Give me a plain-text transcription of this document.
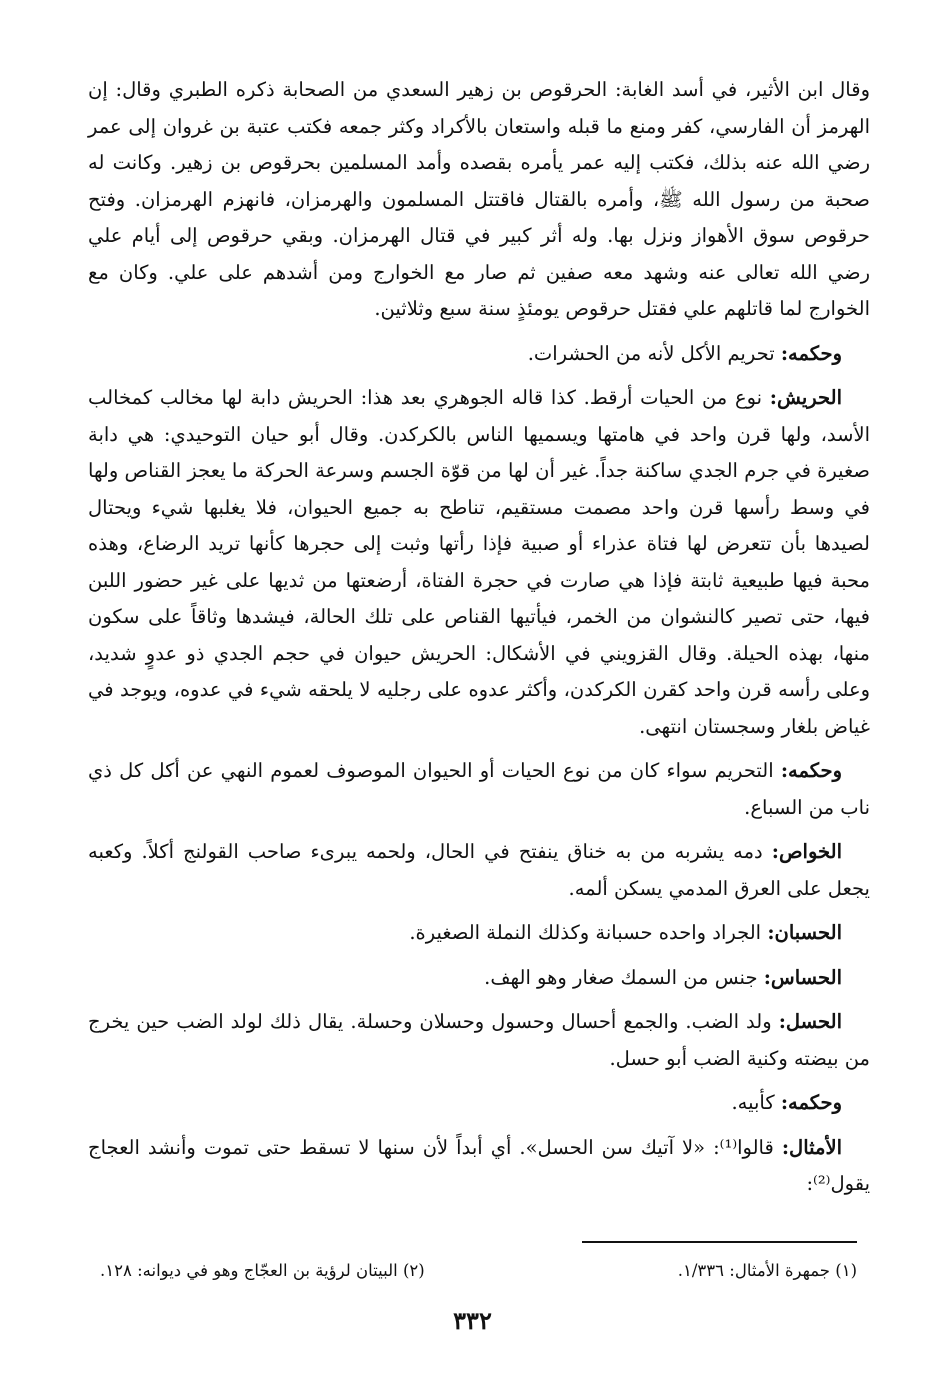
وقال ابن الأثير، في أسد الغابة: الحرقوص بن زهير السعدي من الصحابة ذكره الطبري وقال: إن الهرمز أن الفارسي، كفر ومنع ما قبله واستعان بالأكراد وكثر جمعه فكتب عتبة بن غروان إلى عمر رضي الله عنه بذلك، فكتب إليه عمر يأمره بقصده وأمد المسلمين بحرقوص بن زهير. وكانت له صحبة من رسول الله ﷺ، وأمره بالقتال فاقتتل المسلمون والهرمزان، فانهزم الهرمزان. وفتح حرقوص سوق الأهواز ونزل بها. وله أثر كبير في قتال الهرمزان. وبقي حرقوص إلى أيام علي رضي الله تعالى عنه وشهد معه صفين ثم صار مع الخوارج ومن أشدهم على علي. وكان مع الخوارج لما قاتلهم علي فقتل حرقوص يومئذٍ سنة سبع وثلاثين.

وحكمه: تحريم الأكل لأنه من الحشرات.

الحريش: نوع من الحيات أرقط. كذا قاله الجوهري بعد هذا: الحريش دابة لها مخالب كمخالب الأسد، ولها قرن واحد في هامتها ويسميها الناس بالكركدن. وقال أبو حيان التوحيدي: هي دابة صغيرة في جرم الجدي ساكنة جداً. غير أن لها من قوّة الجسم وسرعة الحركة ما يعجز القناص ولها في وسط رأسها قرن واحد مصمت مستقيم، تناطح به جميع الحيوان، فلا يغلبها شيء ويحتال لصيدها بأن تتعرض لها فتاة عذراء أو صبية فإذا رأتها وثبت إلى حجرها كأنها تريد الرضاع، وهذه محبة فيها طبيعية ثابتة فإذا هي صارت في حجرة الفتاة، أرضعتها من ثديها على غير حضور اللبن فيها، حتى تصير كالنشوان من الخمر، فيأتيها القناص على تلك الحالة، فيشدها وثاقاً على سكون منها، بهذه الحيلة. وقال القزويني في الأشكال: الحريش حيوان في حجم الجدي ذو عدوٍ شديد، وعلى رأسه قرن واحد كقرن الكركدن، وأكثر عدوه على رجليه لا يلحقه شيء في عدوه، ويوجد في غياض بلغار وسجستان انتهى.

وحكمه: التحريم سواء كان من نوع الحيات أو الحيوان الموصوف لعموم النهي عن أكل كل ذي ناب من السباع.

الخواص: دمه يشربه من به خناق ينفتح في الحال، ولحمه يبرىء صاحب القولنج أكلاً. وكعبه يجعل على العرق المدمي يسكن ألمه.

الحسبان: الجراد واحده حسبانة وكذلك النملة الصغيرة.

الحساس: جنس من السمك صغار وهو الهف.

الحسل: ولد الضب. والجمع أحسال وحسول وحسلان وحسلة. يقال ذلك لولد الضب حين يخرج من بيضته وكنية الضب أبو حسل.

وحكمه: كأبيه.

الأمثال: قالوا⁽¹⁾: «لا آتيك سن الحسل». أي أبداً لأن سنها لا تسقط حتى تموت وأنشد العجاج يقول⁽²⁾:

(١) جمهرة الأمثال: ١/٣٣٦.
(٢) البيتان لرؤية بن العجّاج وهو في ديوانه: ١٢٨.
٣٣٢
